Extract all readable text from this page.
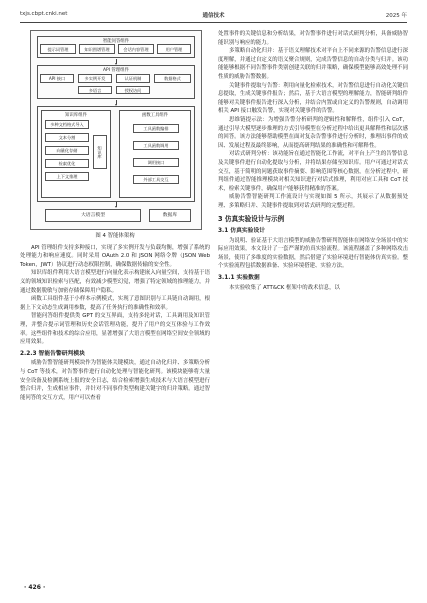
txjs.cbpt.cnki.net	通信技术	2025 年
智能问答组件
提示词管理	知识图谱管理	会话内容管理	用户管理
API 管理组件
API 接口	多实例开发	认证机制	数据格式
多语言	授权访问
知识库组件
多种文档格式导入
文本分割
向量化存储
检索优化
上下文推理
知识库
函数工具组件
工具函数编排
工具函数调用
调用接口
外部工具交互
大语言模型	数据库
图 4 智能体架构

API 管理组件支持多种接口，实现了多实例开发与负载均衡，增强了系统的处理能力和响应速度。同时采用 OAuth 2.0 和 JSON 网络令牌（JSON Web Token，JWT）协议进行动态权限控制，确保数据传输的安全性。

知识库组件利用大语言模型进行向量化表示构建嵌入向量空间，支持基于语义的领域知识检索与匹配，有效减少模型幻觉，增强了特定领域的推理能力，并通过数据脱敏与加密存储保障用户隐私。

函数工具组件基于小样本示例模式，实现了意图识别与工具链自动调用，根据上下文动态生成调用参数，提高了任务执行的准确性和效率。

智能问答组件提供类 GPT 的交互界面，支持多轮对话，工具调用及知识管理，并整合提示词管理和历史会话管理功能，提升了用户的交互体验与工作效率。这些组件和技术的综合应用，显著增强了大语言模型在网络空间安全领域的应用效果。

2.2.3 智能告警研判模块

威胁告警智能研判模块作为智能体关键模块，通过自动化归并、多策略分析与 CoT 等技术，对告警事件进行自动化处理与智能化研判。该模块能够将大量安全设备及检测系统上报的安全日志，结合检索增强生成技术与大语言模型进行整合归并，生成相应事件，并针对不同事件类型构建关键字的归并策略。通过智能问答的交互方式，用户可以查看

处置事件的关键信息和分析结果，对告警事件进行对话式研判分析，具备威胁智能识别与响应的能力。

多策略自动化归并：基于语义理解技术对平台上不同来源的告警信息进行深度理解，并通过自定义的语义聚合规则，完成告警信息的自动分类与归并。该功能能够根据不同告警事件类别创建关联的归并策略，确保模型能够高效处理不同性质的威胁告警数据。

关键事件提取与告警：利用向量化检索技术，对告警信息进行自动化关键信息提取，生成关键事件报告；然后，基于大语言模型的理解能力，智能研判组件能够对关键事件报告进行深入分析，并结合内置或自定义的告警规则，自动调用相关 API 接口触发告警，实现对关键事件的告警。

思维链提示法：为增强告警分析研判的逻辑性和解释性，组件引入 CoT，通过引导大模型逐步推理的方式引导模型在分析过程中给出更具解释性和层次感的回答。该方法能够帮助模型在面对复杂告警事件进行分析时，推理出事件的成因、发展过程及最终影响，从而提高研判结果的准确性和可解释性。

对话式研判分析：该功能旨在通过智能化工作流，对平台上产生的告警信息及关键事件进行自动化提取与分析，并将结果存储至知识库。用户可通过对话式交互，基于简明的问题获取事件摘要、影响范围等核心数据，在分析过程中，研判组件通过智能推理模块对相关知识进行对话式推理，利用对应工具和 CoT 技术，检索关键事件，确保用户能够获得精准的答案。

威胁告警智能研判工作流设计与实现如图 5 所示，其展示了从数据预处理、多策略归并、关键事件提取到对话式研判的完整过程。

3 仿真实验设计与示例
3.1 仿真实验设计

为说明、验证基于大语言模型的威胁告警研判智能体在网络安全场景中的实际应用效果，本文设计了一套严谨的仿真实验流程。该流程涵盖了多种网络攻击场景，使用了多维度的实验数据，然后借建了实验环境进行智能体仿真实验。整个实验流程包括数据准备、实验环境搭建、实验方法。

3.1.1 实验数据

本实验收集了 ATT&CK 框架中的战术信息，以

· 426 ·
